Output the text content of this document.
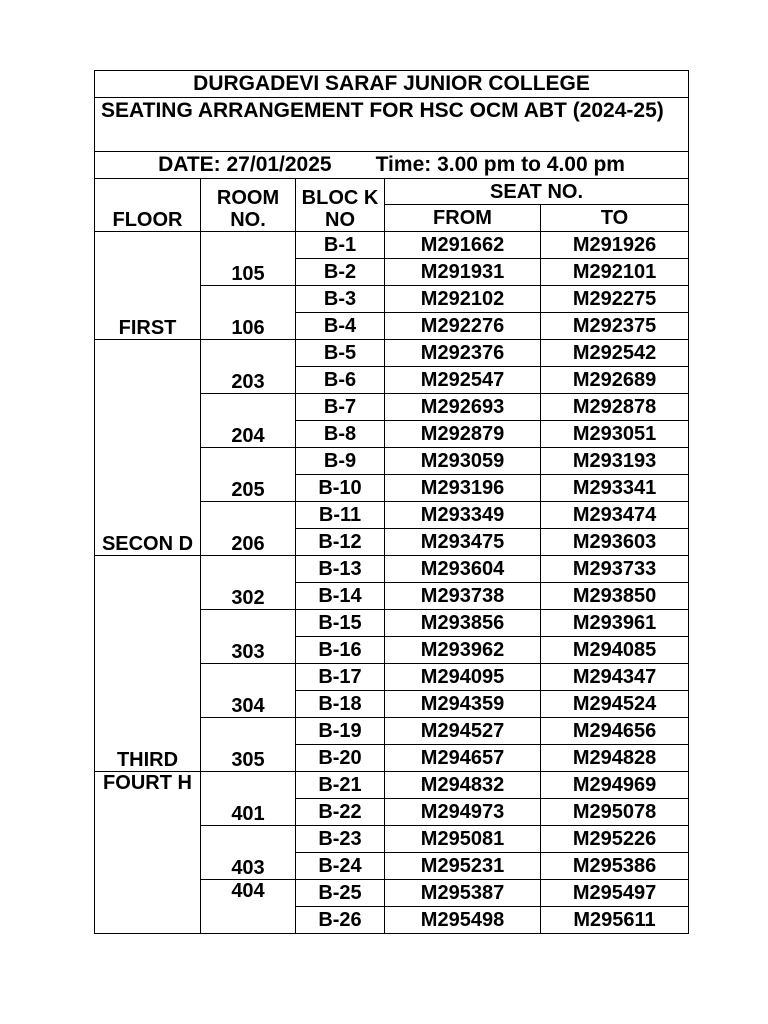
DURGADEVI SARAF JUNIOR COLLEGE				
SEATING ARRANGEMENT FOR HSC OCM ABT (2024-25)				
DATE: 27/01/2025 Time: 3.00 pm to 4.00 pm				
FLOOR	ROOM NO.	BLOC K NO	SEAT NO.	
			FROM	TO
FIRST	105	B-1	M291662	M291926
		B-2	M291931	M292101
	106	B-3	M292102	M292275
		B-4	M292276	M292375
SECON D	203	B-5	M292376	M292542
		B-6	M292547	M292689
	204	B-7	M292693	M292878
		B-8	M292879	M293051
	205	B-9	M293059	M293193
		B-10	M293196	M293341
	206	B-11	M293349	M293474
		B-12	M293475	M293603
THIRD	302	B-13	M293604	M293733
		B-14	M293738	M293850
	303	B-15	M293856	M293961
		B-16	M293962	M294085
	304	B-17	M294095	M294347
		B-18	M294359	M294524
	305	B-19	M294527	M294656
		B-20	M294657	M294828
FOURT H	401	B-21	M294832	M294969
		B-22	M294973	M295078
	403	B-23	M295081	M295226
		B-24	M295231	M295386
	404	B-25	M295387	M295497
		B-26	M295498	M295611
